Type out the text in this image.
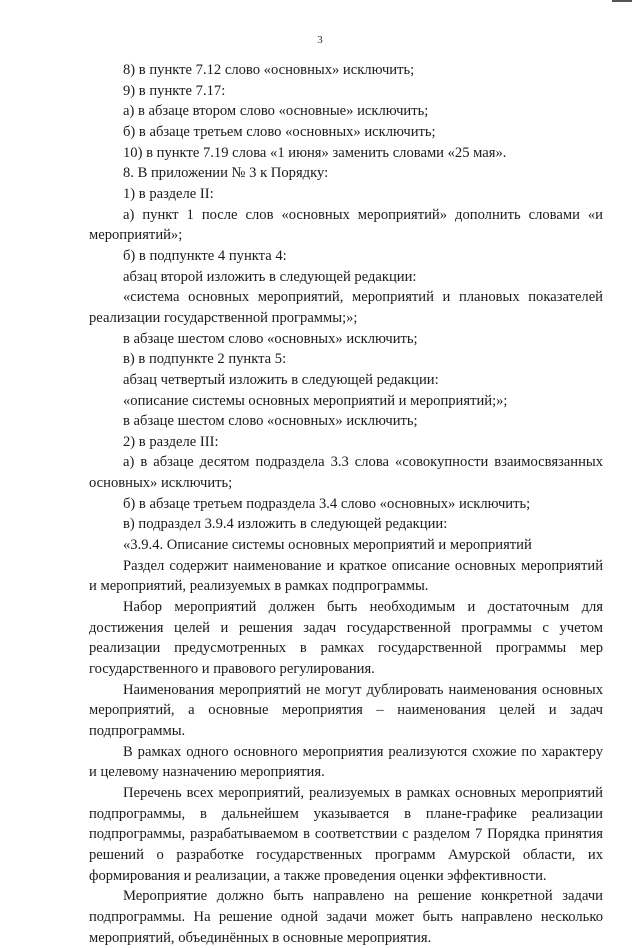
3

8) в пункте 7.12 слово «основных» исключить;

9) в пункте 7.17:

а) в абзаце втором слово «основные» исключить;

б) в абзаце третьем слово «основных» исключить;

10) в пункте 7.19 слова «1 июня» заменить словами «25 мая».

8. В приложении № 3 к Порядку:

1) в разделе II:

а) пункт 1 после слов «основных мероприятий» дополнить словами «и мероприятий»;

б) в подпункте 4 пункта 4:

абзац второй изложить в следующей редакции:

«система основных мероприятий, мероприятий и плановых показателей реализации государственной программы;»;

в абзаце шестом слово «основных» исключить;

в) в подпункте 2 пункта 5:

абзац четвертый изложить в следующей редакции:

«описание системы основных мероприятий и мероприятий;»;

в абзаце шестом слово «основных» исключить;

2) в разделе III:

а) в абзаце десятом подраздела 3.3 слова «совокупности взаимосвязанных основных» исключить;

б) в абзаце третьем подраздела 3.4 слово «основных» исключить;

в) подраздел 3.9.4 изложить в следующей редакции:

«3.9.4. Описание системы основных мероприятий и мероприятий

Раздел содержит наименование и краткое описание основных мероприятий и мероприятий, реализуемых в рамках подпрограммы.

Набор мероприятий должен быть необходимым и достаточным для достижения целей и решения задач государственной программы с учетом реализации предусмотренных в рамках государственной программы мер государственного и правового регулирования.

Наименования мероприятий не могут дублировать наименования основных мероприятий, а основные мероприятия – наименования целей и задач подпрограммы.

В рамках одного основного мероприятия реализуются схожие по характеру и целевому назначению мероприятия.

Перечень всех мероприятий, реализуемых в рамках основных мероприятий подпрограммы, в дальнейшем указывается в плане-графике реализации подпрограммы, разрабатываемом в соответствии с разделом 7 Порядка принятия решений о разработке государственных программ Амурской области, их формирования и реализации, а также проведения оценки эффективности.

Мероприятие должно быть направлено на решение конкретной задачи подпрограммы. На решение одной задачи может быть направлено несколько мероприятий, объединённых в основные мероприятия.
